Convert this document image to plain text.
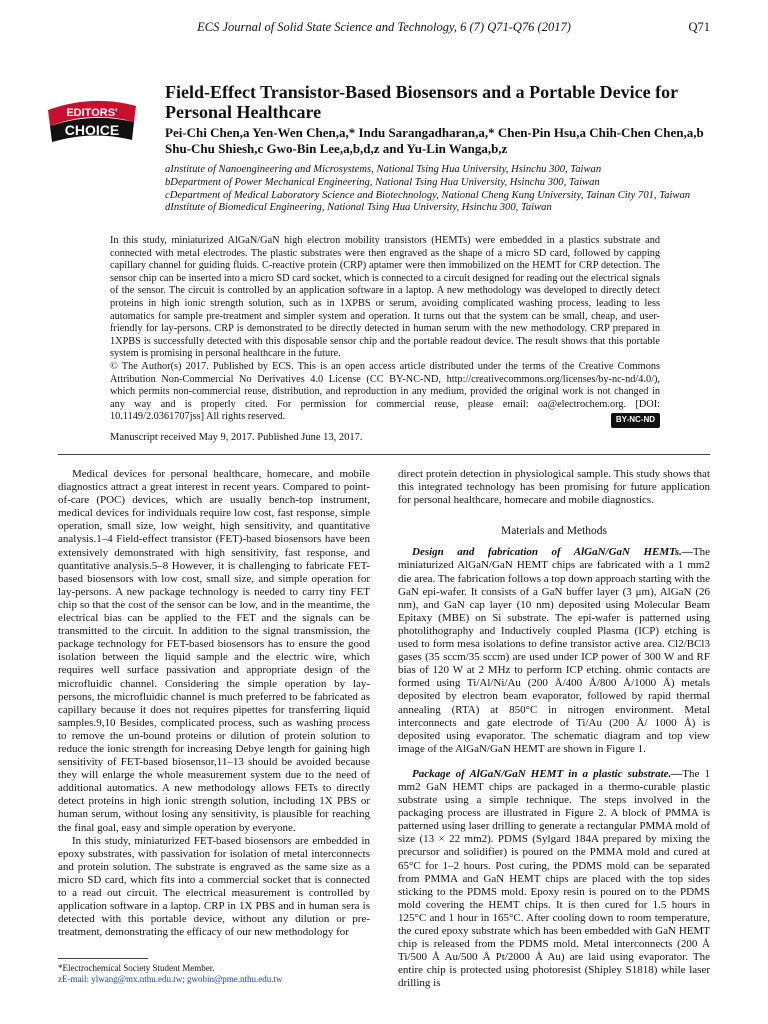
ECS Journal of Solid State Science and Technology, 6 (7) Q71-Q76 (2017)	Q71
EDITORS'
CHOICE
Field-Effect Transistor-Based Biosensors and a Portable Device for Personal Healthcare
Pei-Chi Chen,a Yen-Wen Chen,a,* Indu Sarangadharan,a,* Chen-Pin Hsu,a Chih-Chen Chen,a,b Shu-Chu Shiesh,c Gwo-Bin Lee,a,b,d,z and Yu-Lin Wanga,b,z
aInstitute of Nanoengineering and Microsystems, National Tsing Hua University, Hsinchu 300, Taiwan
bDepartment of Power Mechanical Engineering, National Tsing Hua University, Hsinchu 300, Taiwan
cDepartment of Medical Laboratory Science and Biotechnology, National Cheng Kung University, Tainan City 701, Taiwan
dInstitute of Biomedical Engineering, National Tsing Hua University, Hsinchu 300, Taiwan

In this study, miniaturized AlGaN/GaN high electron mobility transistors (HEMTs) were embedded in a plastics substrate and connected with metal electrodes. The plastic substrates were then engraved as the shape of a micro SD card, followed by capping capillary channel for guiding fluids. C-reactive protein (CRP) aptamer were then immobilized on the HEMT for CRP detection. The sensor chip can be inserted into a micro SD card socket, which is connected to a circuit designed for reading out the electrical signals of the sensor. The circuit is controlled by an application software in a laptop. A new methodology was developed to directly detect proteins in high ionic strength solution, such as in 1XPBS or serum, avoiding complicated washing process, leading to less automatics for sample pre-treatment and simpler system and operation. It turns out that the system can be small, cheap, and user-friendly for lay-persons. CRP is demonstrated to be directly detected in human serum with the new methodology. CRP prepared in 1XPBS is successfully detected with this disposable sensor chip and the portable readout device. The result shows that this portable system is promising in personal healthcare in the future.

© The Author(s) 2017. Published by ECS. This is an open access article distributed under the terms of the Creative Commons Attribution Non-Commercial No Derivatives 4.0 License (CC BY-NC-ND, http://creativecommons.org/licenses/by-nc-nd/4.0/), which permits non-commercial reuse, distribution, and reproduction in any medium, provided the original work is not changed in any way and is properly cited. For permission for commercial reuse, please email: oa@electrochem.org. [DOI: 10.1149/2.0361707jss] All rights reserved.	BY-NC-ND

Manuscript received May 9, 2017. Published June 13, 2017.

Medical devices for personal healthcare, homecare, and mobile diagnostics attract a great interest in recent years. Compared to point-of-care (POC) devices, which are usually bench-top instrument, medical devices for individuals require low cost, fast response, simple operation, small size, low weight, high sensitivity, and quantitative analysis.1–4 Field-effect transistor (FET)-based biosensors have been extensively demonstrated with high sensitivity, fast response, and quantitative analysis.5–8 However, it is challenging to fabricate FET-based biosensors with low cost, small size, and simple operation for lay-persons. A new package technology is needed to carry tiny FET chip so that the cost of the sensor can be low, and in the meantime, the electrical bias can be applied to the FET and the signals can be transmitted to the circuit. In addition to the signal transmission, the package technology for FET-based biosensors has to ensure the good isolation between the liquid sample and the electric wire, which requires well surface passivation and appropriate design of the microfluidic channel. Considering the simple operation by lay-persons, the microfluidic channel is much preferred to be fabricated as capillary because it does not requires pipettes for transferring liquid samples.9,10 Besides, complicated process, such as washing process to remove the un-bound proteins or dilution of protein solution to reduce the ionic strength for increasing Debye length for gaining high sensitivity of FET-based biosensor,11–13 should be avoided because they will enlarge the whole measurement system due to the need of additional automatics. A new methodology allows FETs to directly detect proteins in high ionic strength solution, including 1X PBS or human serum, without losing any sensitivity, is plausible for reaching the final goal, easy and simple operation by everyone.

In this study, miniaturized FET-based biosensors are embedded in epoxy substrates, with passivation for isolation of metal interconnects and protein solution. The substrate is engraved as the same size as a micro SD card, which fits into a commercial socket that is connected to a read out circuit. The electrical measurement is controlled by application software in a laptop. CRP in 1X PBS and in human sera is detected with this portable device, without any dilution or pre-treatment, demonstrating the efficacy of our new methodology for

direct protein detection in physiological sample. This study shows that this integrated technology has been promising for future application for personal healthcare, homecare and mobile diagnostics.

Materials and Methods

Design and fabrication of AlGaN/GaN HEMTs.—The miniaturized AlGaN/GaN HEMT chips are fabricated with a 1 mm2 die area. The fabrication follows a top down approach starting with the GaN epi-wafer. It consists of a GaN buffer layer (3 μm), AlGaN (26 nm), and GaN cap layer (10 nm) deposited using Molecular Beam Epitaxy (MBE) on Si substrate. The epi-wafer is patterned using photolithography and Inductively coupled Plasma (ICP) etching is used to form mesa isolations to define transistor active area. Cl2/BCl3 gases (35 sccm/35 sccm) are used under ICP power of 300 W and RF bias of 120 W at 2 MHz to perform ICP etching. ohmic contacts are formed using Ti/Al/Ni/Au (200 Å/400 Å/800 Å/1000 Å) metals deposited by electron beam evaporator, followed by rapid thermal annealing (RTA) at 850°C in nitrogen environment. Metal interconnects and gate electrode of Ti/Au (200 Å/ 1000 Å) is deposited using evaporator. The schematic diagram and top view image of the AlGaN/GaN HEMT are shown in Figure 1.

Package of AlGaN/GaN HEMT in a plastic substrate.—The 1 mm2 GaN HEMT chips are packaged in a thermo-curable plastic substrate using a simple technique. The steps involved in the packaging process are illustrated in Figure 2. A block of PMMA is patterned using laser drilling to generate a rectangular PMMA mold of size (13 × 22 mm2). PDMS (Sylgard 184A prepared by mixing the precursor and solidifier) is poured on the PMMA mold and cured at 65°C for 1–2 hours. Post curing, the PDMS mold can be separated from PMMA and GaN HEMT chips are placed with the top sides sticking to the PDMS mold. Epoxy resin is poured on to the PDMS mold covering the HEMT chips. It is then cured for 1.5 hours in 125°C and 1 hour in 165°C. After cooling down to room temperature, the cured epoxy substrate which has been embedded with GaN HEMT chip is released from the PDMS mold. Metal interconnects (200 Å Ti/500 Å Au/500 Å Pt/2000 Å Au) are laid using evaporator. The entire chip is protected using photoresist (Shipley S1818) while laser drilling is

*Electrochemical Society Student Member.
zE-mail: ylwang@mx.nthu.edu.tw; gwobin@pme.nthu.edu.tw
